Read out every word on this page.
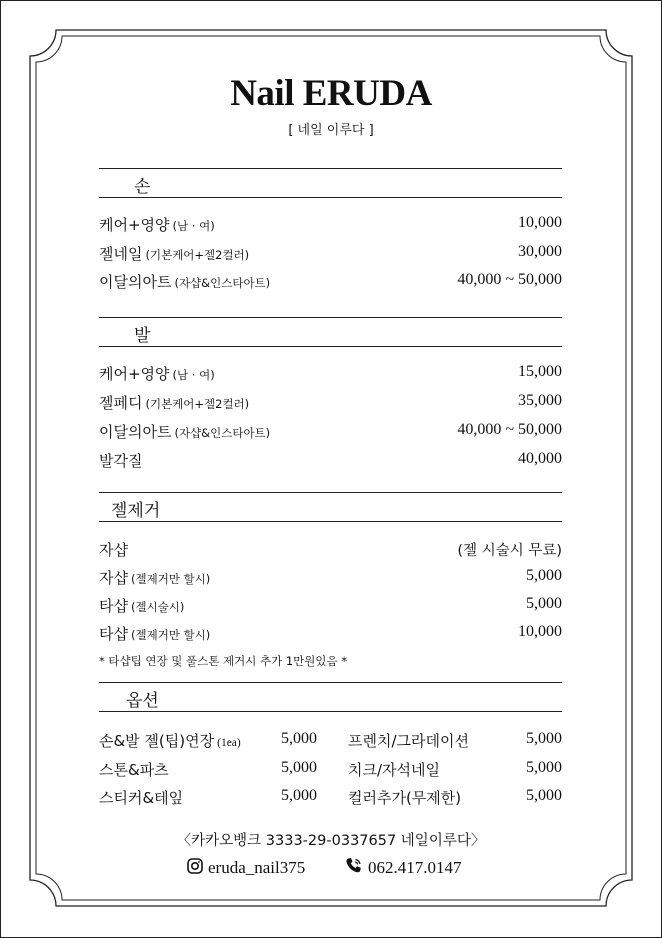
Nail ERUDA
[ 네일 이루다 ]
손
케어+영양 (남 · 여)	10,000
젤네일 (기본케어+젤2컬러)	30,000
이달의아트 (자샵&인스타아트)	40,000 ~ 50,000
발
케어+영양 (남 · 여)	15,000
젤페디 (기본케어+젤2컬러)	35,000
이달의아트 (자샵&인스타아트)	40,000 ~ 50,000
발각질	40,000
젤제거
자샵	(젤 시술시 무료)
자샵 (젤제거만 할시)	5,000
타샵 (젤시술시)	5,000
타샵 (젤제거만 할시)	10,000
* 타샵팁 연장 및 풀스톤 제거시 추가 1만원있음 *
옵션
손&발 젤(팁)연장 (1ea)	5,000
스톤&파츠	5,000
스티커&테잎	5,000
프렌치/그라데이션	5,000
치크/자석네일	5,000
컬러추가(무제한)	5,000
〈카카오뱅크 3333-29-0337657 네일이루다〉
eruda_nail375	062.417.0147
